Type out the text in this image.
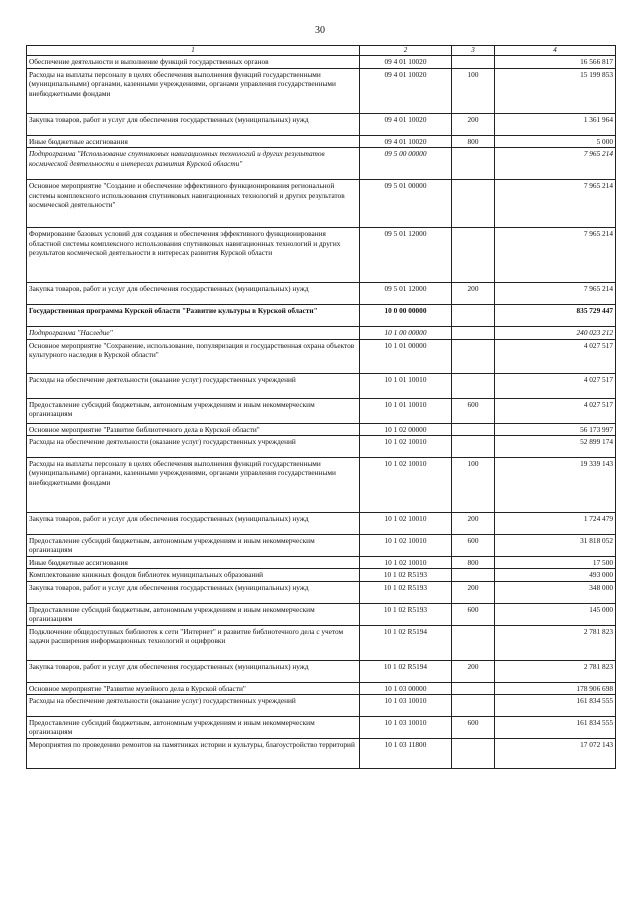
30
1	2	3	4
Обеспечение деятельности и выполнение функций государственных органов	09 4 01 10020		16 566 817
Расходы на выплаты персоналу в целях обеспечения выполнения функций государственными (муниципальными) органами, казенными учреждениями, органами управления государственными внебюджетными фондами	09 4 01 10020	100	15 199 853
Закупка товаров, работ и услуг для обеспечения государственных (муниципальных) нужд	09 4 01 10020	200	1 361 964
Иные бюджетные ассигнования	09 4 01 10020	800	5 000
Подпрограмма "Использование спутниковых навигационных технологий и других результатов космической деятельности в интересах развития Курской области"	09 5 00 00000		7 965 214
Основное мероприятие "Создание и обеспечение эффективного функционирования региональной системы комплексного использования спутниковых навигационных технологий и других результатов космической деятельности"	09 5 01 00000		7 965 214
Формирование базовых условий для создания и обеспечения эффективного функционирования областной системы комплексного использования спутниковых навигационных технологий и других результатов космической деятельности в интересах развития Курской области	09 5 01 12000		7 965 214
Закупка товаров, работ и услуг для обеспечения государственных (муниципальных) нужд	09 5 01 12000	200	7 965 214
Государственная программа Курской области "Развитие культуры в Курской области"	10 0 00 00000		835 729 447
Подпрограмма "Наследие"	10 1 00 00000		240 023 212
Основное мероприятие "Сохранение, использование, популяризация и государственная охрана объектов культурного наследия в Курской области"	10 1 01 00000		4 027 517
Расходы на обеспечение деятельности (оказание услуг) государственных учреждений	10 1 01 10010		4 027 517
Предоставление субсидий бюджетным, автономным учреждениям и иным некоммерческим организациям	10 1 01 10010	600	4 027 517
Основное мероприятие "Развитие библиотечного дела в Курской области"	10 1 02 00000		56 173 997
Расходы на обеспечение деятельности (оказание услуг) государственных учреждений	10 1 02 10010		52 899 174
Расходы на выплаты персоналу в целях обеспечения выполнения функций государственными (муниципальными) органами, казенными учреждениями, органами управления государственными внебюджетными фондами	10 1 02 10010	100	19 339 143
Закупка товаров, работ и услуг для обеспечения государственных (муниципальных) нужд	10 1 02 10010	200	1 724 479
Предоставление субсидий бюджетным, автономным учреждениям и иным некоммерческим организациям	10 1 02 10010	600	31 818 052
Иные бюджетные ассигнования	10 1 02 10010	800	17 500
Комплектование книжных фондов библиотек муниципальных образований	10 1 02 R5193		493 000
Закупка товаров, работ и услуг для обеспечения государственных (муниципальных) нужд	10 1 02 R5193	200	348 000
Предоставление субсидий бюджетным, автономным учреждениям и иным некоммерческим организациям	10 1 02 R5193	600	145 000
Подключение общедоступных библиотек к сети "Интернет" и развитие библиотечного дела с учетом задачи расширения информационных технологий и оцифровки	10 1 02 R5194		2 781 823
Закупка товаров, работ и услуг для обеспечения государственных (муниципальных) нужд	10 1 02 R5194	200	2 781 823
Основное мероприятие "Развитие музейного дела в Курской области"	10 1 03 00000		178 906 698
Расходы на обеспечение деятельности (оказание услуг) государственных учреждений	10 1 03 10010		161 834 555
Предоставление субсидий бюджетным, автономным учреждениям и иным некоммерческим организациям	10 1 03 10010	600	161 834 555
Мероприятия по проведению ремонтов на памятниках истории и культуры, благоустройство территорий	10 1 03 11800		17 072 143
